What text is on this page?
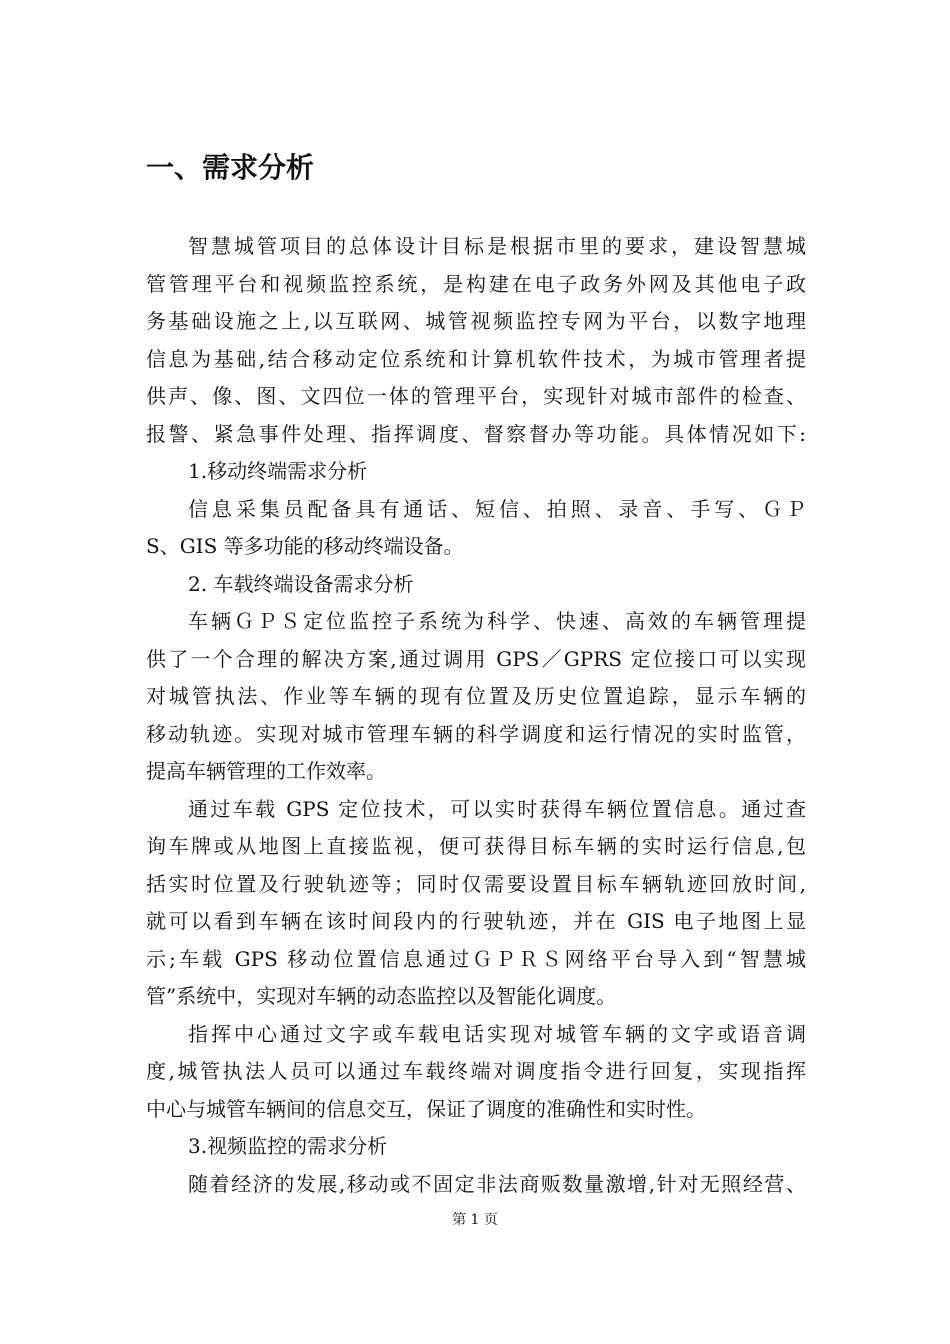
一、需求分析
智慧城管项目的总体设计目标是根据市里的要求，建设智慧城
管管理平台和视频监控系统，是构建在电子政务外网及其他电子政
务基础设施之上,以互联网、城管视频监控专网为平台，以数字地理
信息为基础,结合移动定位系统和计算机软件技术，为城市管理者提
供声、像、图、文四位一体的管理平台，实现针对城市部件的检查、
报警、紧急事件处理、指挥调度、督察督办等功能。具体情况如下:
1.移动终端需求分析
信息采集员配备具有通话、短信、拍照、录音、手写、ＧＰ
S、GIS 等多功能的移动终端设备。
2. 车载终端设备需求分析
车辆ＧＰＳ定位监控子系统为科学、快速、高效的车辆管理提
供了一个合理的解决方案,通过调用 GPS／GPRS 定位接口可以实现
对城管执法、作业等车辆的现有位置及历史位置追踪，显示车辆的
移动轨迹。实现对城市管理车辆的科学调度和运行情况的实时监管，
提高车辆管理的工作效率。
通过车载 GPS 定位技术，可以实时获得车辆位置信息。通过查
询车牌或从地图上直接监视，便可获得目标车辆的实时运行信息,包
括实时位置及行驶轨迹等；同时仅需要设置目标车辆轨迹回放时间,
就可以看到车辆在该时间段内的行驶轨迹，并在 GIS 电子地图上显
示;车载 GPS 移动位置信息通过ＧＰＲＳ网络平台导入到“智慧城
管”系统中，实现对车辆的动态监控以及智能化调度。
指挥中心通过文字或车载电话实现对城管车辆的文字或语音调
度,城管执法人员可以通过车载终端对调度指令进行回复，实现指挥
中心与城管车辆间的信息交互，保证了调度的准确性和实时性。
3.视频监控的需求分析
随着经济的发展,移动或不固定非法商贩数量激增,针对无照经营、
第 1 页
